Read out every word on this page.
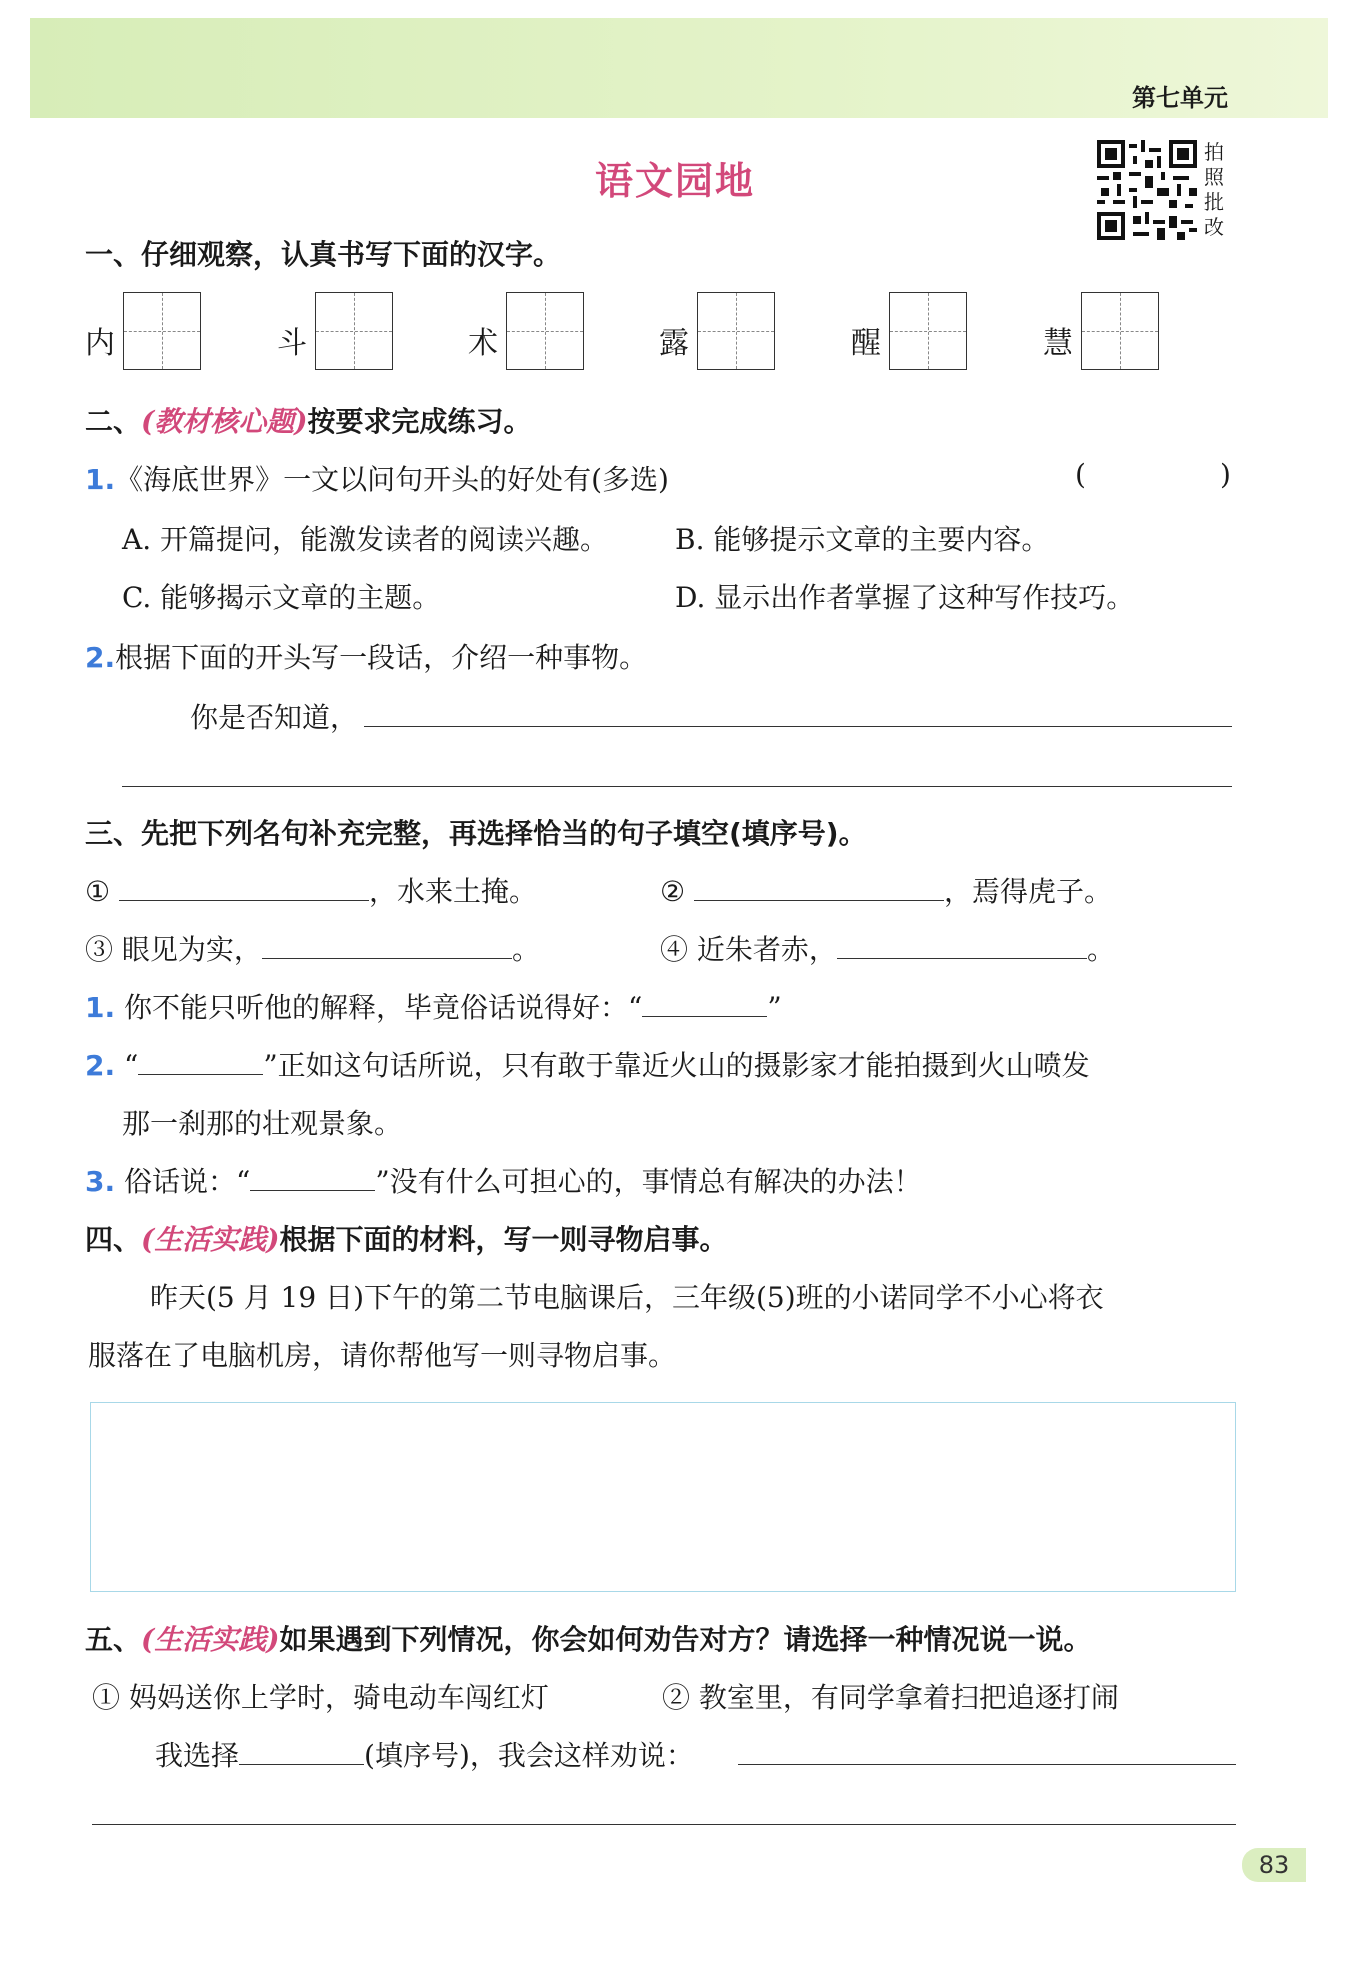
第七单元
语文园地
拍
照
批
改
一、仔细观察，认真书写下面的汉字。
内	斗	术	露	醒	慧
二、(教材核心题)按要求完成练习。
1.《海底世界》一文以问句开头的好处有(多选)	(	)
A. 开篇提问，能激发读者的阅读兴趣。 B. 能够提示文章的主要内容。
C. 能够揭示文章的主题。	D. 显示出作者掌握了这种写作技巧。
2.根据下面的开头写一段话，介绍一种事物。
你是否知道，
三、先把下列名句补充完整，再选择恰当的句子填空(填序号)。
①	，水来土掩。	②	，焉得虎子。
③ 眼见为实，	。	④ 近朱者赤，	。
1. 你不能只听他的解释，毕竟俗话说得好：“	”
2. “	”正如这句话所说，只有敢于靠近火山的摄影家才能拍摄到火山喷发
那一刹那的壮观景象。
3. 俗话说：“	”没有什么可担心的，事情总有解决的办法！
四、(生活实践)根据下面的材料，写一则寻物启事。
昨天(5 月 19 日)下午的第二节电脑课后，三年级(5)班的小诺同学不小心将衣
服落在了电脑机房，请你帮他写一则寻物启事。
五、(生活实践)如果遇到下列情况，你会如何劝告对方？请选择一种情况说一说。
① 妈妈送你上学时，骑电动车闯红灯	② 教室里，有同学拿着扫把追逐打闹
我选择	(填序号)，我会这样劝说：
83
